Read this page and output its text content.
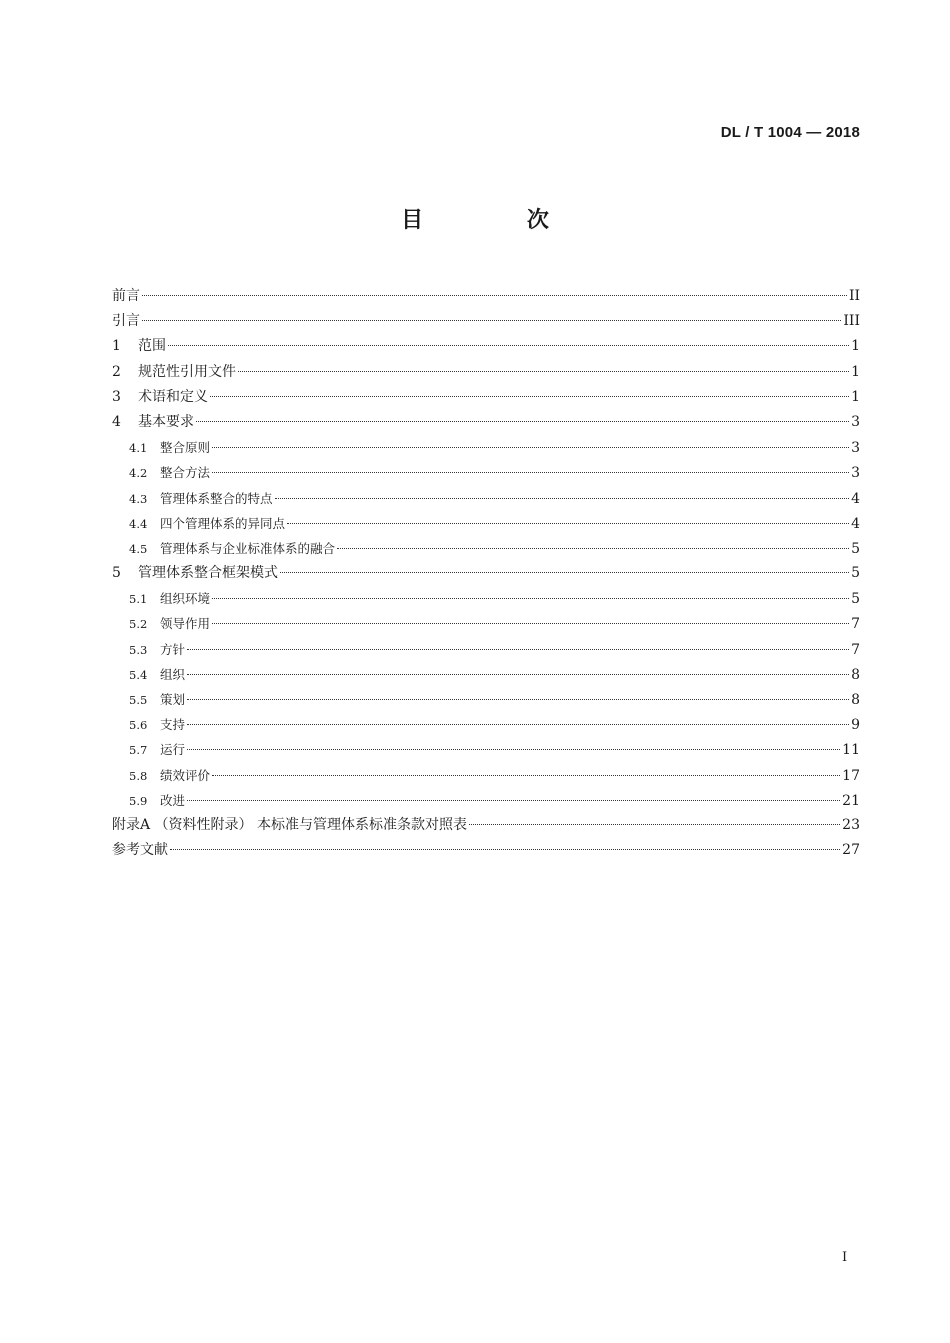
DL / T 1004 — 2018
目 次
前言	II
引言	III
1	范围	1
2	规范性引用文件	1
3	术语和定义	1
4	基本要求	3
4.1	整合原则	3
4.2	整合方法	3
4.3	管理体系整合的特点	4
4.4	四个管理体系的异同点	4
4.5	管理体系与企业标准体系的融合	5
5	管理体系整合框架模式	5
5.1	组织环境	5
5.2	领导作用	7
5.3	方针	7
5.4	组织	8
5.5	策划	8
5.6	支持	9
5.7	运行	11
5.8	绩效评价	17
5.9	改进	21
附录A （资料性附录） 本标准与管理体系标准条款对照表	23
参考文献	27
I
